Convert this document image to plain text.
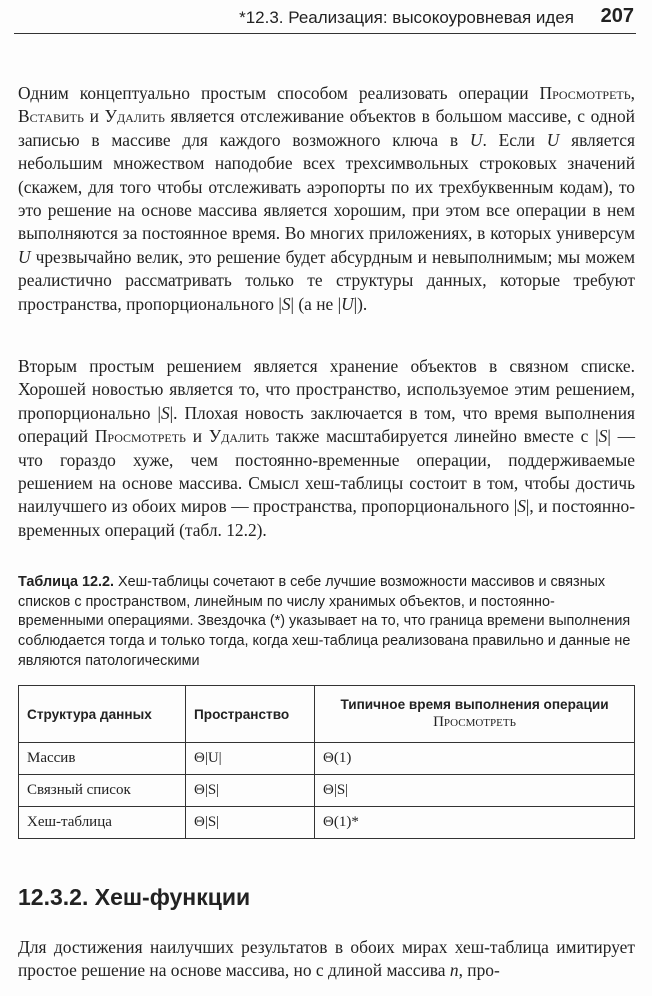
*12.3. Реализация: высокоуровневая идея 207

Одним концептуально простым способом реализовать операции Просмотреть, Вставить и Удалить является отслеживание объектов в большом массиве, с одной записью в массиве для каждого возможного ключа в U. Если U является небольшим множеством наподобие всех трехсимвольных строковых значений (скажем, для того чтобы отслеживать аэропорты по их трехбуквенным кодам), то это решение на основе массива является хорошим, при этом все операции в нем выполняются за постоянное время. Во многих приложениях, в которых универсум U чрезвычайно велик, это решение будет абсурдным и невыполнимым; мы можем реалистично рассматривать только те структуры данных, которые требуют пространства, пропорционального |S| (а не |U|).

Вторым простым решением является хранение объектов в связном списке. Хорошей новостью является то, что пространство, используемое этим решением, пропорционально |S|. Плохая новость заключается в том, что время выполнения операций Просмотреть и Удалить также масштабируется линейно вместе с |S| — что гораздо хуже, чем постоянно-временные операции, поддерживаемые решением на основе массива. Смысл хеш-таблицы состоит в том, чтобы достичь наилучшего из обоих миров — пространства, пропорционального |S|, и постоянно-временных операций (табл. 12.2).

Таблица 12.2. Хеш-таблицы сочетают в себе лучшие возможности массивов и связных списков с пространством, линейным по числу хранимых объектов, и постоянно-временными операциями. Звездочка (*) указывает на то, что граница времени выполнения соблюдается тогда и только тогда, когда хеш-таблица реализована правильно и данные не являются патологическими

Структура данных	Пространство	Типичное время выполнения операции
Просмотреть

Массив	Θ|U|	Θ(1)
Связный список	Θ|S|	Θ|S|
Хеш-таблица	Θ|S|	Θ(1)*
12.3.2. Хеш-функции

Для достижения наилучших результатов в обоих мирах хеш-таблица имитирует простое решение на основе массива, но с длиной массива n, про-
